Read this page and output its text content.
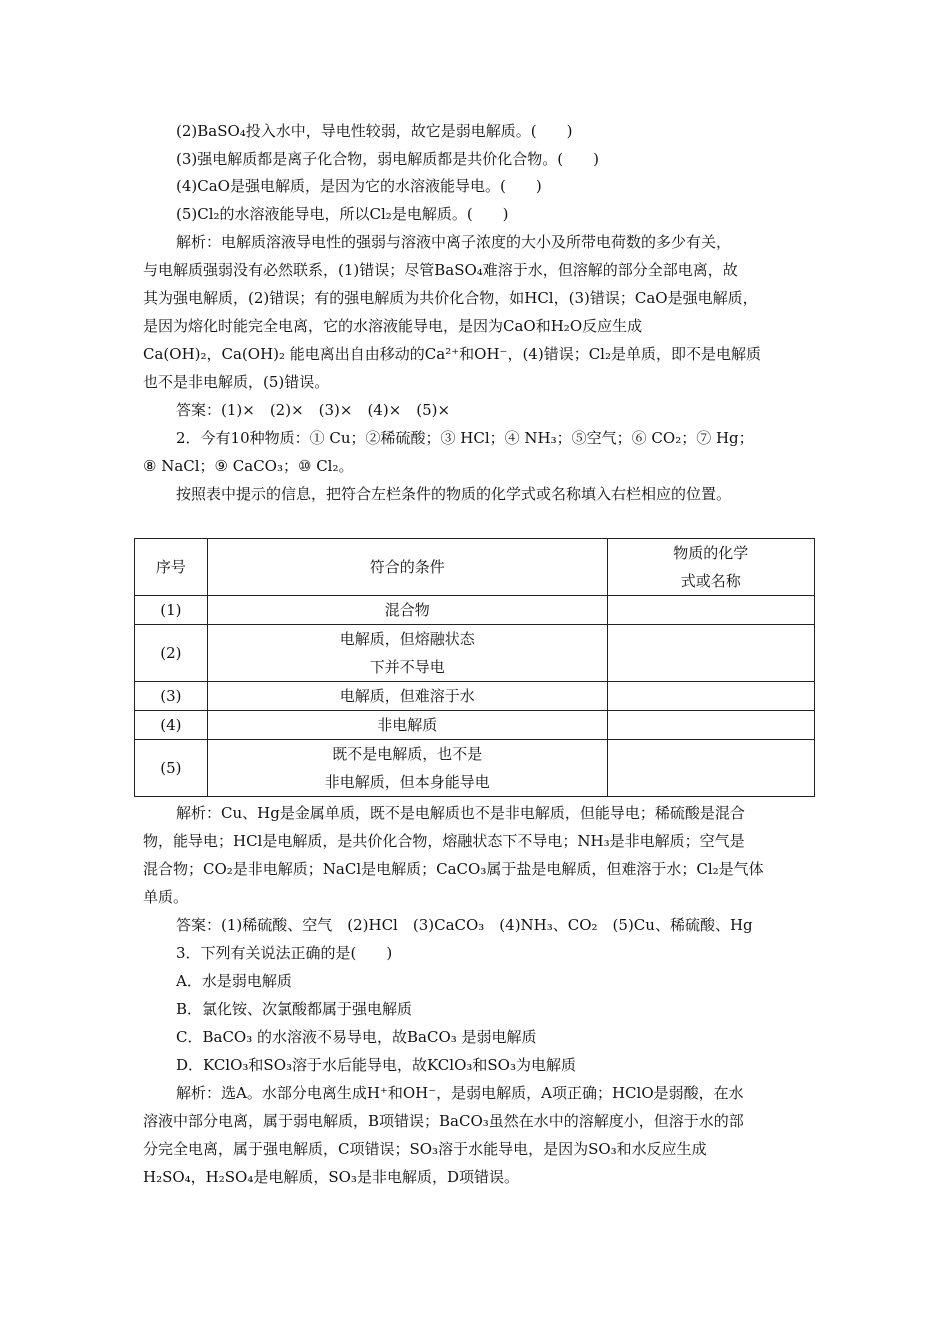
(2)BaSO₄投入水中，导电性较弱，故它是弱电解质。(　　)
(3)强电解质都是离子化合物，弱电解质都是共价化合物。(　　)
(4)CaO是强电解质，是因为它的水溶液能导电。(　　)
(5)Cl₂的水溶液能导电，所以Cl₂是电解质。(　　)
解析：电解质溶液导电性的强弱与溶液中离子浓度的大小及所带电荷数的多少有关，
与电解质强弱没有必然联系，(1)错误；尽管BaSO₄难溶于水，但溶解的部分全部电离，故
其为强电解质，(2)错误；有的强电解质为共价化合物，如HCl，(3)错误；CaO是强电解质，
是因为熔化时能完全电离，它的水溶液能导电，是因为CaO和H₂O反应生成
Ca(OH)₂，Ca(OH)₂ 能电离出自由移动的Ca²⁺和OH⁻，(4)错误；Cl₂是单质，即不是电解质
也不是非电解质，(5)错误。
答案：(1)×　(2)×　(3)×　(4)×　(5)×
2．今有10种物质：① Cu；②稀硫酸；③ HCl；④ NH₃；⑤空气；⑥ CO₂；⑦ Hg；
⑧ NaCl；⑨ CaCO₃；⑩ Cl₂。
按照表中提示的信息，把符合左栏条件的物质的化学式或名称填入右栏相应的位置。
序号	符合的条件	物质的化学
式或名称

(1)	混合物	
(2)	电解质，但熔融状态
下并不导电	

(3)	电解质，但难溶于水	
(4)	非电解质	
(5)	既不是电解质，也不是
非电解质，但本身能导电	

解析：Cu、Hg是金属单质，既不是电解质也不是非电解质，但能导电；稀硫酸是混合
物，能导电；HCl是电解质，是共价化合物，熔融状态下不导电；NH₃是非电解质；空气是
混合物；CO₂是非电解质；NaCl是电解质；CaCO₃属于盐是电解质，但难溶于水；Cl₂是气体
单质。
答案：(1)稀硫酸、空气　(2)HCl　(3)CaCO₃　(4)NH₃、CO₂　(5)Cu、稀硫酸、Hg
3．下列有关说法正确的是(　　)
A．水是弱电解质
B．氯化铵、次氯酸都属于强电解质
C．BaCO₃ 的水溶液不易导电，故BaCO₃ 是弱电解质
D．KClO₃和SO₃溶于水后能导电，故KClO₃和SO₃为电解质
解析：选A。水部分电离生成H⁺和OH⁻，是弱电解质，A项正确；HClO是弱酸，在水
溶液中部分电离，属于弱电解质，B项错误；BaCO₃虽然在水中的溶解度小，但溶于水的部
分完全电离，属于强电解质，C项错误；SO₃溶于水能导电，是因为SO₃和水反应生成
H₂SO₄，H₂SO₄是电解质，SO₃是非电解质，D项错误。
